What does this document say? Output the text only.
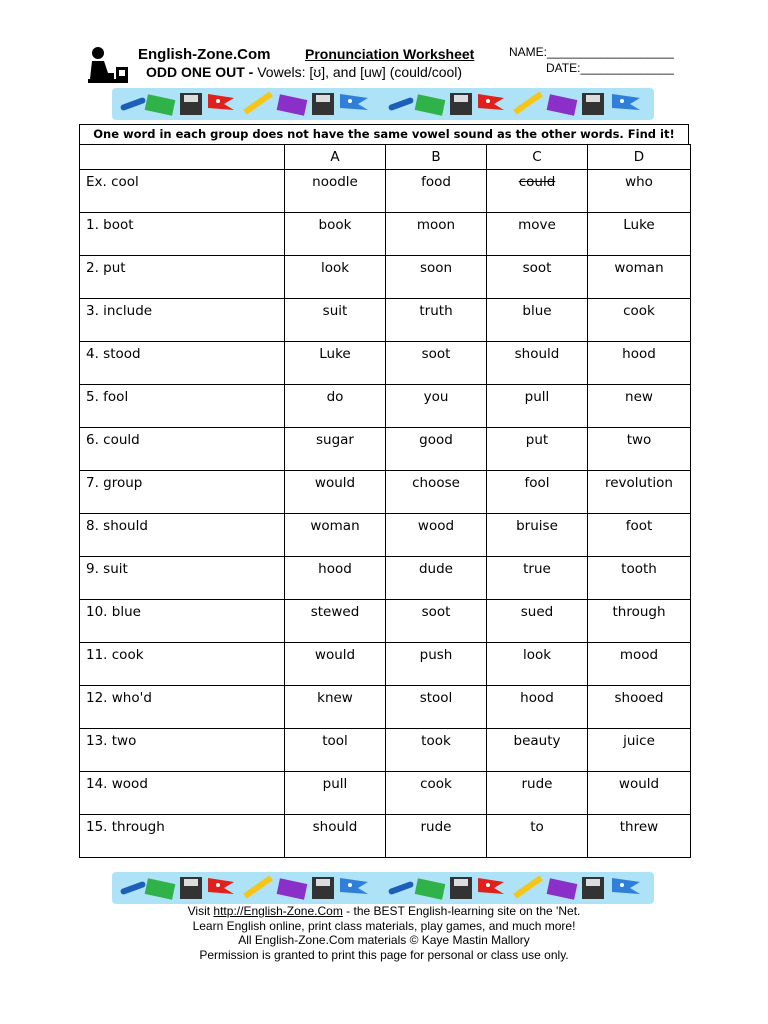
English-Zone.Com Pronunciation Worksheet
ODD ONE OUT - Vowels: [ʊ], and [uw] (could/cool)
NAME:___________________
DATE:______________
One word in each group does not have the same vowel sound as the other words. Find it!
	A	B	C	D
Ex. cool	noodle	food	could	who
1. boot	book	moon	move	Luke
2. put	look	soon	soot	woman
3. include	suit	truth	blue	cook
4. stood	Luke	soot	should	hood
5. fool	do	you	pull	new
6. could	sugar	good	put	two
7. group	would	choose	fool	revolution
8. should	woman	wood	bruise	foot
9. suit	hood	dude	true	tooth
10. blue	stewed	soot	sued	through
11. cook	would	push	look	mood
12. who'd	knew	stool	hood	shooed
13. two	tool	took	beauty	juice
14. wood	pull	cook	rude	would
15. through	should	rude	to	threw
Visit http://English-Zone.Com - the BEST English-learning site on the 'Net.
Learn English online, print class materials, play games, and much more!
All English-Zone.Com materials © Kaye Mastin Mallory
Permission is granted to print this page for personal or class use only.
